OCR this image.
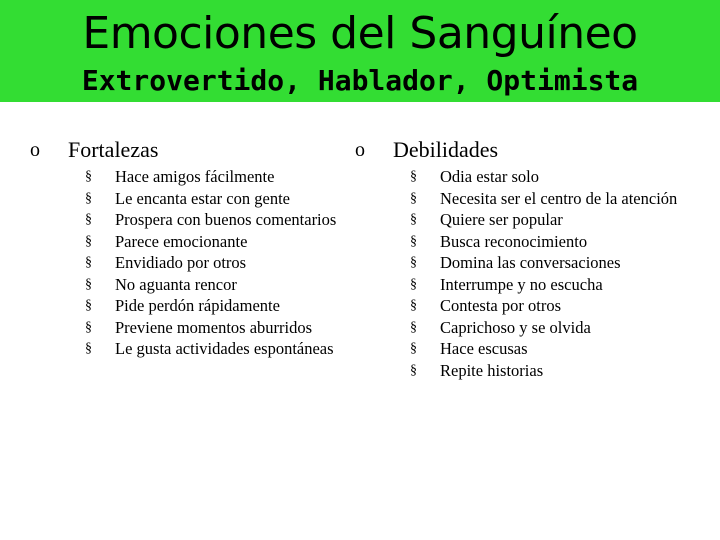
Emociones del Sanguíneo
Extrovertido, Hablador, Optimista
o Fortalezas
§ Hace amigos fácilmente
§ Le encanta estar con gente
§ Prospera con buenos comentarios
§ Parece emocionante
§ Envidiado por otros
§ No aguanta rencor
§ Pide perdón rápidamente
§ Previene momentos aburridos
§ Le gusta actividades espontáneas
o Debilidades
§ Odia estar solo
§ Necesita ser el centro de la atención
§ Quiere ser popular
§ Busca reconocimiento
§ Domina las conversaciones
§ Interrumpe y no escucha
§ Contesta por otros
§ Caprichoso y se olvida
§ Hace escusas
§ Repite historias
